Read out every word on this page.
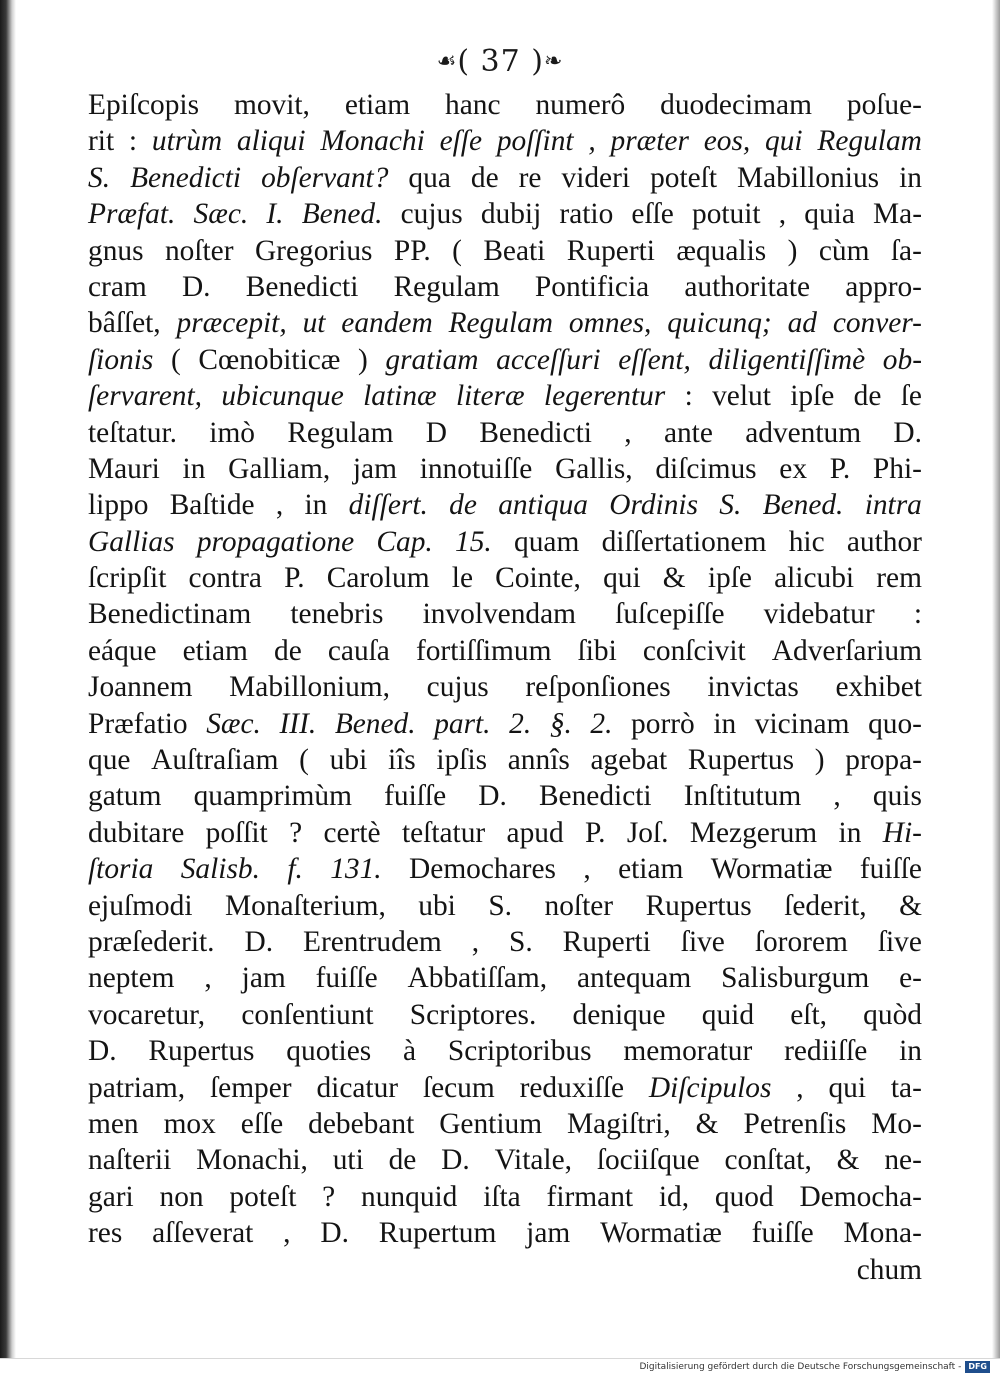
☙( 37 )❧
Epiſcopis movit, etiam hanc numerô duodecimam poſue-
rit : utrùm aliqui Monachi eſſe poſſint , præter eos, qui Regulam
S. Benedicti obſervant? qua de re videri poteſt Mabillonius in
Præfat. Sæc. I. Bened. cujus dubij ratio eſſe potuit , quia Ma-
gnus noſter Gregorius PP. ( Beati Ruperti æqualis ) cùm ſa-
cram D. Benedicti Regulam Pontificia authoritate appro-
bâſſet, præcepit, ut eandem Regulam omnes, quicunq; ad conver-
ſionis ( Cœnobiticæ ) gratiam acceſſuri eſſent, diligentiſſimè ob-
ſervarent, ubicunque latinæ literæ legerentur : velut ipſe de ſe
teſtatur. imò Regulam D Benedicti , ante adventum D.
Mauri in Galliam, jam innotuiſſe Gallis, diſcimus ex P. Phi-
lippo Baſtide , in diſſert. de antiqua Ordinis S. Bened. intra
Gallias propagatione Cap. 15. quam diſſertationem hic author
ſcripſit contra P. Carolum le Cointe, qui & ipſe alicubi rem
Benedictinam tenebris involvendam ſuſcepiſſe videbatur :
eáque etiam de cauſa fortiſſimum ſibi conſcivit Adverſarium
Joannem Mabillonium, cujus reſponſiones invictas exhibet
Præfatio Sæc. III. Bened. part. 2. §. 2. porrò in vicinam quo-
que Auſtraſiam ( ubi iîs ipſis annîs agebat Rupertus ) propa-
gatum quamprimùm fuiſſe D. Benedicti Inſtitutum , quis
dubitare poſſit ? certè teſtatur apud P. Joſ. Mezgerum in Hi-
ſtoria Salisb. f. 131. Demochares , etiam Wormatiæ fuiſſe
ejuſmodi Monaſterium, ubi S. noſter Rupertus ſederit, &
præſederit. D. Erentrudem , S. Ruperti ſive ſororem ſive
neptem , jam fuiſſe Abbatiſſam, antequam Salisburgum e-
vocaretur, conſentiunt Scriptores. denique quid eſt, quòd
D. Rupertus quoties à Scriptoribus memoratur rediiſſe in
patriam, ſemper dicatur ſecum reduxiſſe Diſcipulos , qui ta-
men mox eſſe debebant Gentium Magiſtri, & Petrenſis Mo-
naſterii Monachi, uti de D. Vitale, ſociiſque conſtat, & ne-
gari non poteſt ? nunquid iſta firmant id, quod Democha-
res aſſeverat , D. Rupertum jam Wormatiæ fuiſſe Mona-
chum
Digitalisierung gefördert durch die Deutsche Forschungsgemeinschaft - DFG
